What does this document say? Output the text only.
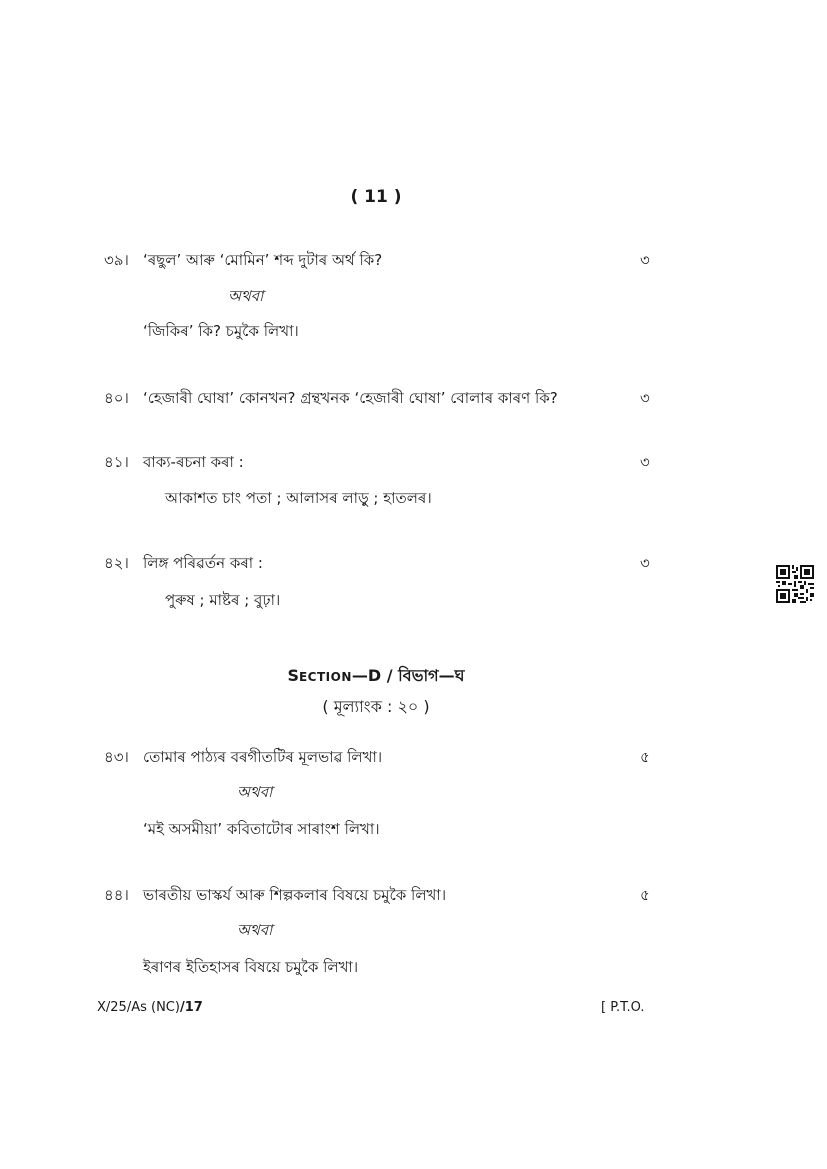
( 11 )
৩৯। ‘ৰছুল’ আৰু ‘মোমিন’ শব্দ দুটাৰ অৰ্থ কি?	৩
অথবা
‘জিকিৰ’ কি? চমুকৈ লিখা।
৪০। ‘হেজাৰী ঘোষা’ কোনখন? গ্ৰন্থখনক ‘হেজাৰী ঘোষা’ বোলাৰ কাৰণ কি?	৩
৪১। বাক্য-ৰচনা কৰা :	৩
আকাশত চাং পতা ; আলাসৰ লাড়ু ; হাতলৰ।
৪২। লিঙ্গ পৰিৱৰ্তন কৰা :	৩
পুৰুষ ; মাষ্টৰ ; বুঢ়া।
SECTION—D / বিভাগ—ঘ
( মূল্যাংক : ২০ )
৪৩। তোমাৰ পাঠ্যৰ বৰগীতটিৰ মূলভাৱ লিখা।	৫
অথবা
‘মই অসমীয়া’ কবিতাটোৰ সাৰাংশ লিখা।
৪৪। ভাৰতীয় ভাস্কৰ্য আৰু শিল্পকলাৰ বিষয়ে চমুকৈ লিখা।	৫
অথবা
ইৰাণৰ ইতিহাসৰ বিষয়ে চমুকৈ লিখা।
X/25/As (NC)/17	[ P.T.O.
